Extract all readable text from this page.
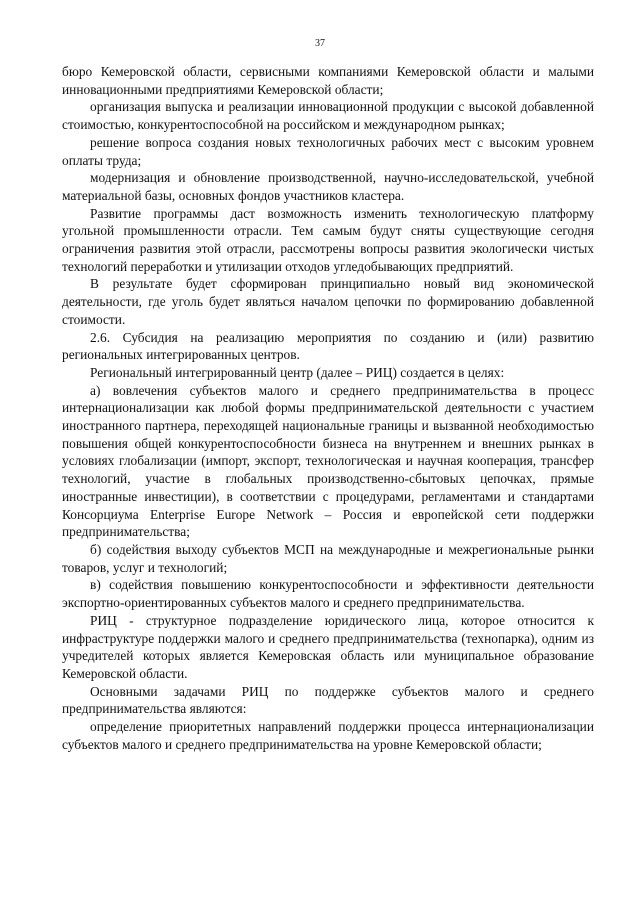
37

бюро Кемеровской области, сервисными компаниями Кемеровской области и малыми инновационными предприятиями Кемеровской области;

организация выпуска и реализации инновационной продукции с высокой добавленной стоимостью, конкурентоспособной на российском и международном рынках;

решение вопроса создания новых технологичных рабочих мест с высоким уровнем оплаты труда;

модернизация и обновление производственной, научно-исследовательской, учебной материальной базы, основных фондов участников кластера.

Развитие программы даст возможность изменить технологическую платформу угольной промышленности отрасли. Тем самым будут сняты существующие сегодня ограничения развития этой отрасли, рассмотрены вопросы развития экологически чистых технологий переработки и утилизации отходов угледобывающих предприятий.

В результате будет сформирован принципиально новый вид экономической деятельности, где уголь будет являться началом цепочки по формированию добавленной стоимости.

2.6. Субсидия на реализацию мероприятия по созданию и (или) развитию региональных интегрированных центров.

Региональный интегрированный центр (далее – РИЦ) создается в целях:

а) вовлечения субъектов малого и среднего предпринимательства в процесс интернационализации как любой формы предпринимательской деятельности с участием иностранного партнера, переходящей национальные границы и вызванной необходимостью повышения общей конкурентоспособности бизнеса на внутреннем и внешних рынках в условиях глобализации (импорт, экспорт, технологическая и научная кооперация, трансфер технологий, участие в глобальных производственно-сбытовых цепочках, прямые иностранные инвестиции), в соответствии с процедурами, регламентами и стандартами Консорциума Enterprise Europe Network – Россия и европейской сети поддержки предпринимательства;

б) содействия выходу субъектов МСП на международные и межрегиональные рынки товаров, услуг и технологий;

в) содействия повышению конкурентоспособности и эффективности деятельности экспортно-ориентированных субъектов малого и среднего предпринимательства.

РИЦ - структурное подразделение юридического лица, которое относится к инфраструктуре поддержки малого и среднего предпринимательства (технопарка), одним из учредителей которых является Кемеровская область или муниципальное образование Кемеровской области.

Основными задачами РИЦ по поддержке субъектов малого и среднего предпринимательства являются:

определение приоритетных направлений поддержки процесса интернационализации субъектов малого и среднего предпринимательства на уровне Кемеровской области;
